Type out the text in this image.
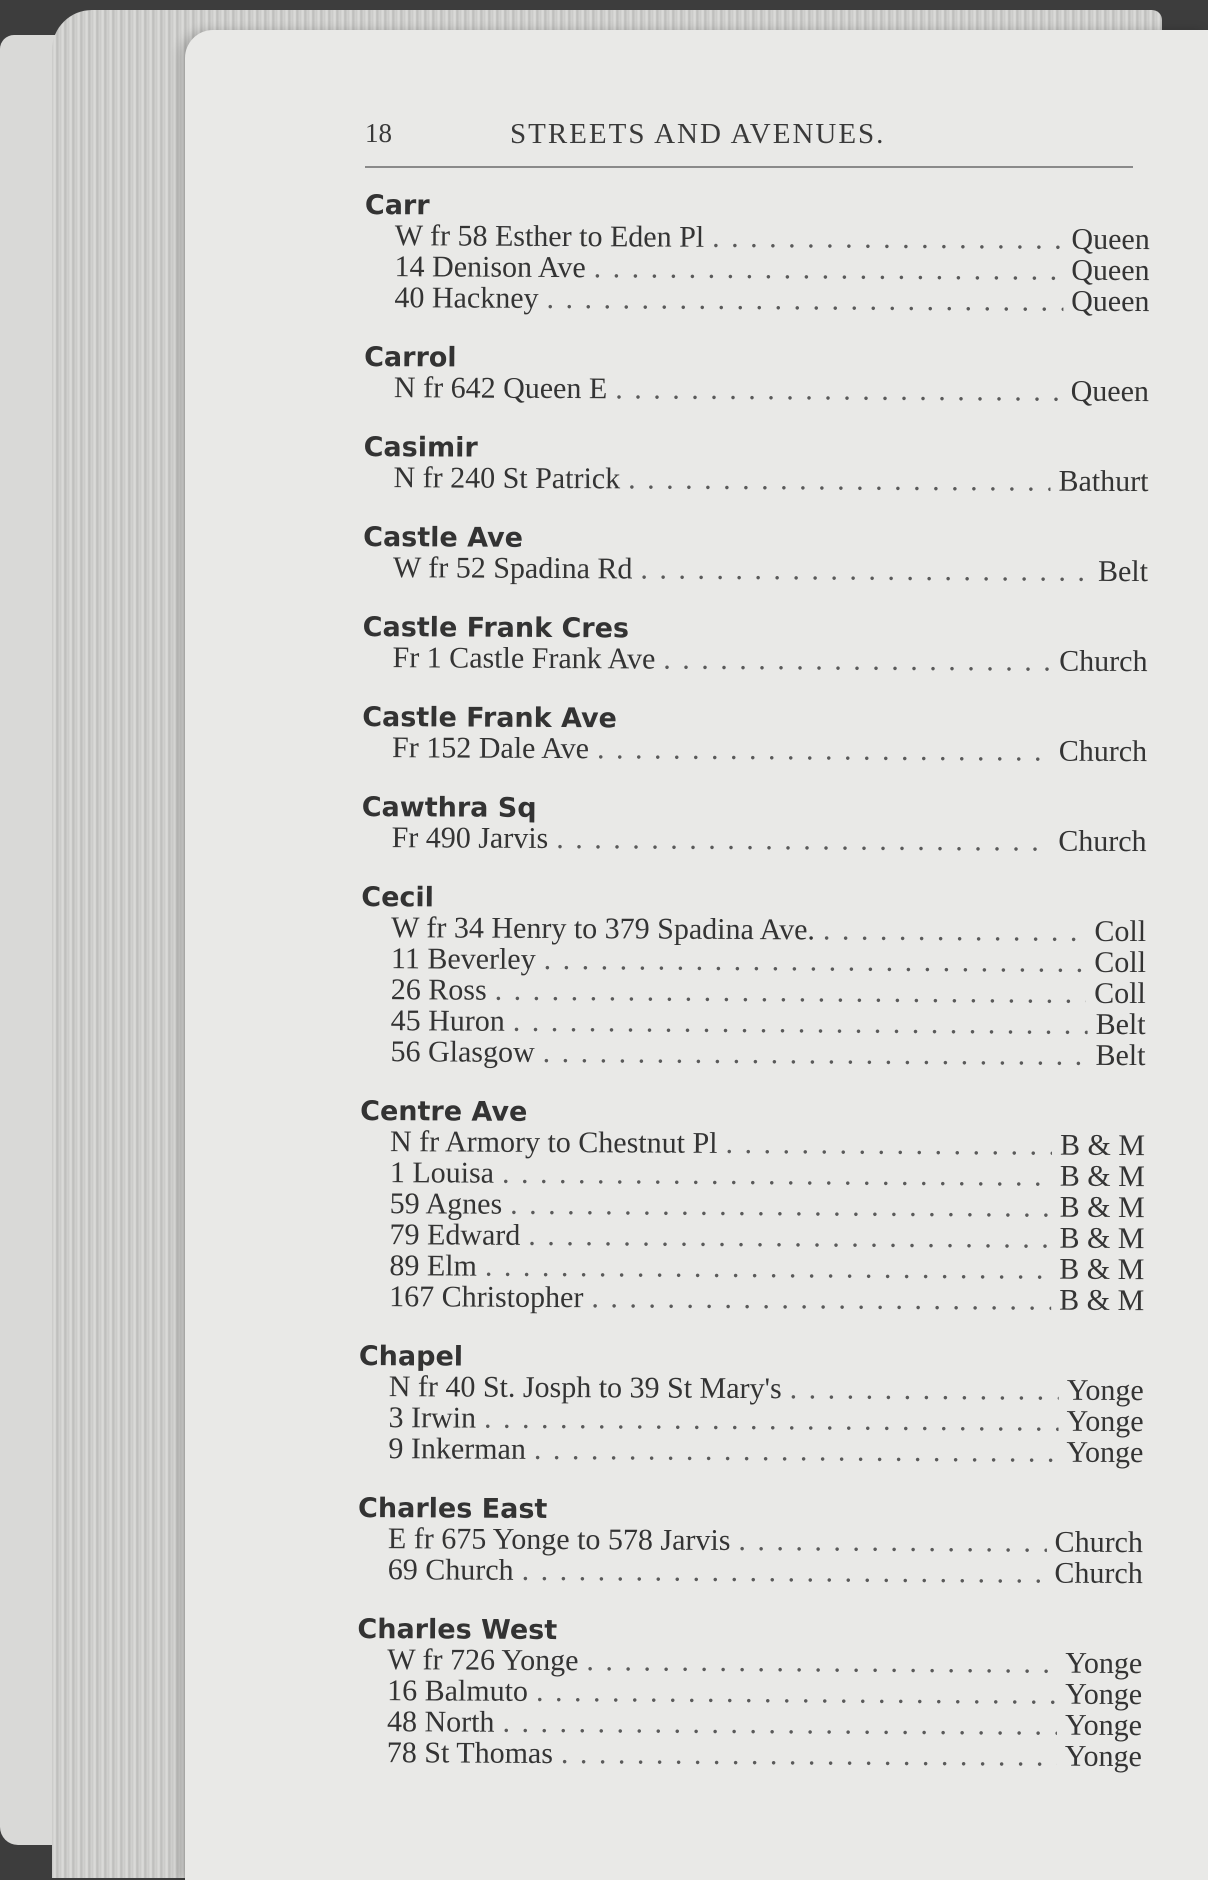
18	STREETS AND AVENUES.
Carr
W fr 58 Esther to Eden Pl . . .	Queen
14 Denison Ave . . .	Queen
40 Hackney . . .	Queen
Carrol
N fr 642 Queen E . . .	Queen
Casimir
N fr 240 St Patrick . . .	Bathurt
Castle Ave
W fr 52 Spadina Rd . . .	Belt
Castle Frank Cres
Fr 1 Castle Frank Ave . . .	Church
Castle Frank Ave
Fr 152 Dale Ave . . .	Church
Cawthra Sq
Fr 490 Jarvis . . .	Church
Cecil
W fr 34 Henry to 379 Spadina Ave. . . .	Coll
11 Beverley . . .	Coll
26 Ross . . .	Coll
45 Huron . . .	Belt
56 Glasgow . . .	Belt
Centre Ave
N fr Armory to Chestnut Pl . . .	B & M
1 Louisa . . .	B & M
59 Agnes . . .	B & M
79 Edward . . .	B & M
89 Elm . . .	B & M
167 Christopher . . .	B & M
Chapel
N fr 40 St. Josph to 39 St Mary's . . .	Yonge
3 Irwin . . .	Yonge
9 Inkerman . . .	Yonge
Charles East
E fr 675 Yonge to 578 Jarvis . . .	Church
69 Church . . .	Church
Charles West
W fr 726 Yonge . . .	Yonge
16 Balmuto . . .	Yonge
48 North . . .	Yonge
78 St Thomas . . .	Yonge
